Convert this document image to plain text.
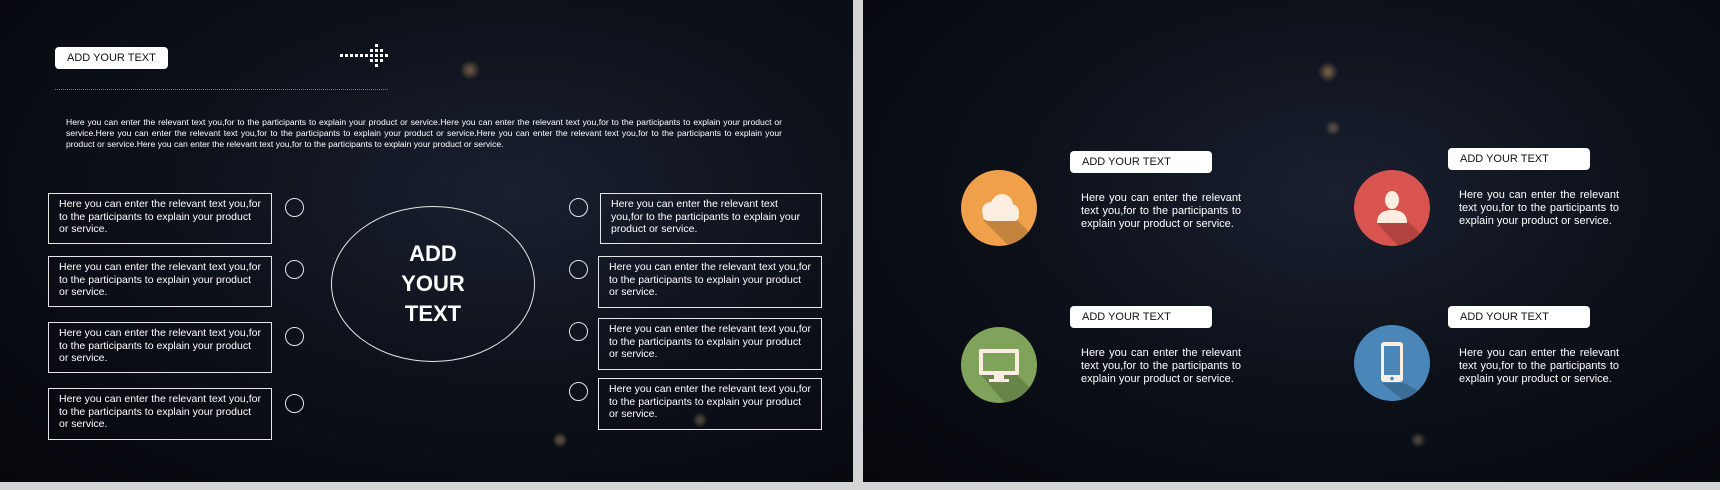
ADD YOUR TEXT
Here you can enter the relevant text you,for to the participants to explain your product or service.Here you can enter the relevant text you,for to the participants to explain your product or service.Here you can enter the relevant text you,for to the participants to explain your product or service.Here you can enter the relevant text you,for to the participants to explain your product or service.Here you can enter the relevant text you,for to the participants to explain your product or service.
Here you can enter the relevant text you,for to the participants to explain your product or service.
Here you can enter the relevant text you,for to the participants to explain your product or service.
Here you can enter the relevant text you,for to the participants to explain your product or service.
Here you can enter the relevant text you,for to the participants to explain your product or service.
ADD
YOUR
TEXT
Here you can enter the relevant text you,for to the participants to explain your product or service.
Here you can enter the relevant text you,for to the participants to explain your product or service.
Here you can enter the relevant text you,for to the participants to explain your product or service.
Here you can enter the relevant text you,for to the participants to explain your product or service.
ADD YOUR TEXT
Here you can enter the relevant text you,for to the participants to explain your product or service.
ADD YOUR TEXT
Here you can enter the relevant text you,for to the participants to explain your product or service.
ADD YOUR TEXT
Here you can enter the relevant text you,for to the participants to explain your product or service.
ADD YOUR TEXT
Here you can enter the relevant text you,for to the participants to explain your product or service.
